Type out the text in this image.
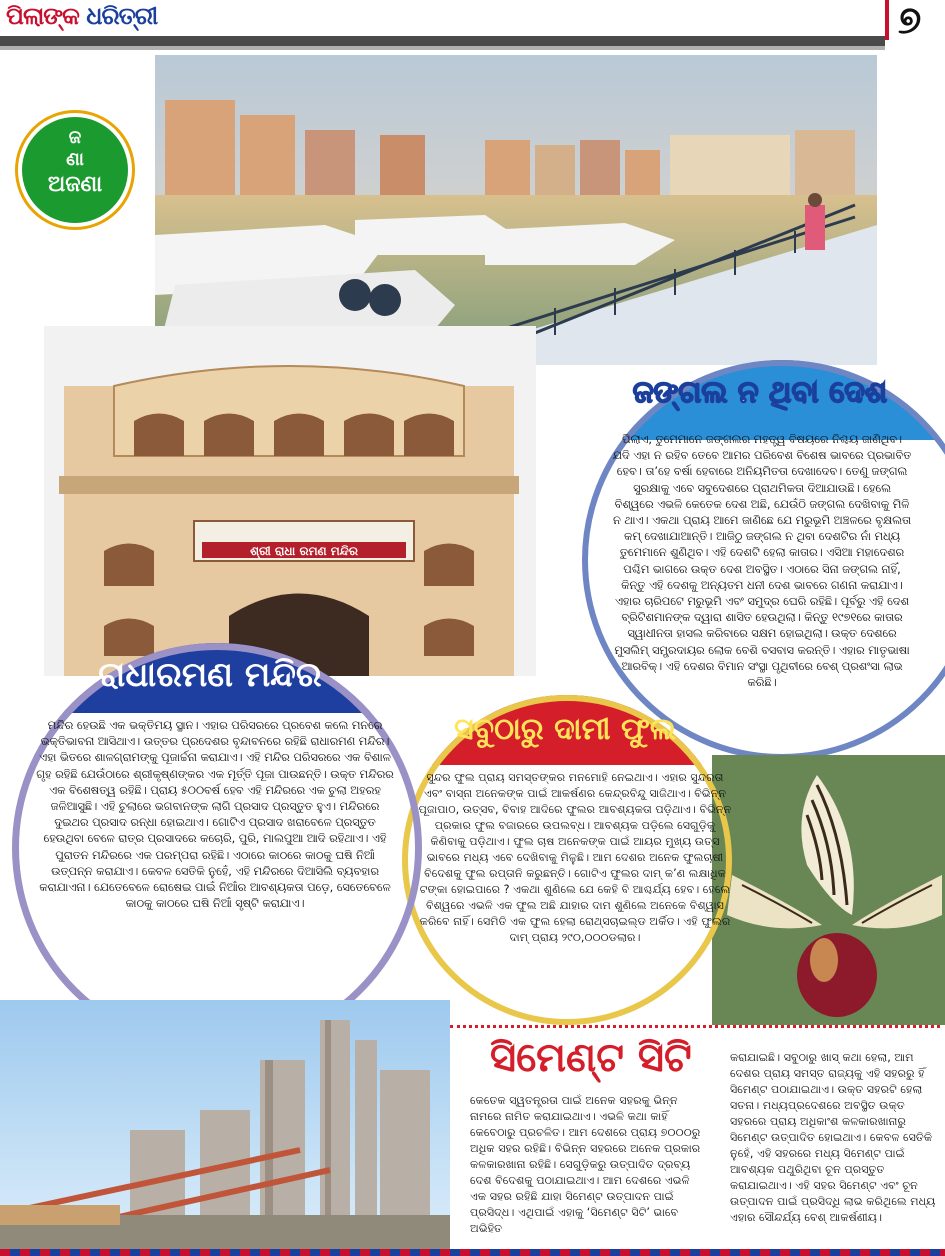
ପିଲାଙ୍କ ଧରିତ୍ରୀ	୭
ଜ
ଣା
ଅଜଣା
ଶ୍ରୀ ରାଧା ରମଣ ମନ୍ଦିର
ଜଙ୍ଗଲ ନ ଥିବା ଦେଶ
ପିଲାଏ, ତୁମେମାନେ ଜଙ୍ଗଲର ମହତ୍ତ୍ୱ ବିଷୟରେ ନିଶ୍ଚୟ ଜାଣିଥିବ। ଯଦି ଏହା ନ ରହିବ ତେବେ ଆମର ପରିବେଶ ବିଶେଷ ଭାବରେ ପ୍ରଭାବିତ ହେବ। ତା’ହେ ବର୍ଷା ହେବାରେ ଅନିୟମିତତା ଦେଖାଦେବ। ତେଣୁ ଜଙ୍ଗଲ ସୁରକ୍ଷାକୁ ଏବେ ସବୁଦେଶରେ ପ୍ରାଥମିକତା ଦିଆଯାଉଛି। ହେଲେ ବିଶ୍ୱରେ ଏଭଳି କେତେକ ଦେଶ ଅଛି, ଯେଉଁଠି ଜଙ୍ଗଲ ଦେଖିବାକୁ ମିଳି ନ ଥାଏ। ଏକଥା ପ୍ରାୟ ଆମେ ଜାଣିଛେ ଯେ ମରୁଭୂମି ଅଞ୍ଚଳରେ ବୃକ୍ଷଲତା କମ୍ ଦେଖାଯାଆନ୍ତି। ଆଜିଠୁ ଜଙ୍ଗଲ ନ ଥିବା ଦେଶଟିର ନାଁ ମଧ୍ୟ ତୁମେମାନେ ଶୁଣିଥିବ। ଏହି ଦେଶଟି ହେଲା କାତାର। ଏସିଆ ମହାଦେଶର ପଶ୍ଚିମ ଭାଗରେ ଉକ୍ତ ଦେଶ ଅବସ୍ଥିତ। ଏଠାରେ ସିନା ଜଙ୍ଗଲ ନାହିଁ, କିନ୍ତୁ ଏହି ଦେଶକୁ ଅନ୍ୟତମ ଧନୀ ଦେଶ ଭାବରେ ଗଣନା କରାଯାଏ। ଏହାର ଚାରିପଟେ ମରୁଭୂମି ଏବଂ ସମୁଦ୍ର ଘେରି ରହିଛି। ପୂର୍ବରୁ ଏହି ଦେଶ ବ୍ରିଟିଶମାନଙ୍କ ଦ୍ୱାରା ଶାସିତ ହେଉଥିଲା। କିନ୍ତୁ ୧୯୭୧ରେ କାତାର ସ୍ୱାଧୀନତା ହାସଲ କରିବାରେ ସକ୍ଷମ ହୋଇଥିଲା। ଉକ୍ତ ଦେଶରେ ମୁସଲିମ୍ ସମ୍ପ୍ରଦାୟର ଲୋକ ବେଶି ବସବାସ କରନ୍ତି। ଏହାର ମାତୃଭାଷା ଆରବିକ୍। ଏହି ଦେଶର ବିମାନ ସଂସ୍ଥା ପୃଥିବୀରେ ବେଶ୍ ପ୍ରଶଂସା ଲାଭ କରିଛି।
ସବୁଠାରୁ ଦାମୀ ଫୁଲ
ସୁନ୍ଦର ଫୁଲ ପ୍ରାୟ ସମସ୍ତଙ୍କର ମନମୋହି ନେଇଥାଏ। ଏହାର ସୁନ୍ଦରତା ଏବଂ ବାସ୍ନା ଅନେକଙ୍କ ପାଇଁ ଆକର୍ଷଣର କେନ୍ଦ୍ରବିନ୍ଦୁ ସାଜିଥାଏ। ବିଭିନ୍ନ ପୂଜାପାଠ, ଉତ୍ସବ, ବିବାହ ଆଦିରେ ଫୁଲର ଆବଶ୍ୟକତା ପଡ଼ିଥାଏ। ବିଭିନ୍ନ ପ୍ରକାର ଫୁଲ ବଜାରରେ ଉପଲବ୍ଧ। ଆବଶ୍ୟକ ପଡ଼ିଲେ ସେଗୁଡ଼ିକୁ କିଣିବାକୁ ପଡ଼ିଥାଏ। ଫୁଲ ଚାଷ ଅନେକଙ୍କ ପାଇଁ ଆୟର ମୁଖ୍ୟ ଉତ୍ସ ଭାବରେ ମଧ୍ୟ ଏବେ ଦେଖିବାକୁ ମିଳୁଛି। ଆମ ଦେଶର ଅନେକ ଫୁଲଚାଷୀ ବିଦେଶକୁ ଫୁଲ ରପ୍ତାନି କରୁଛନ୍ତି। ଗୋଟିଏ ଫୁଲର ଦାମ୍ କ’ଣ ଲକ୍ଷାଧିକ ଟଙ୍କା ହୋଇପାରେ ? ଏକଥା ଶୁଣିଲେ ଯେ କେହି ବି ଆଶ୍ଚର୍ଯ୍ୟ ହେବ। ହେଲେ ବିଶ୍ୱରେ ଏଭଳି ଏକ ଫୁଲ ଅଛି ଯାହାର ଦାମ ଶୁଣିଲେ ଅନେକେ ବିଶ୍ୱାସ କରିବେ ନାହିଁ। ସେମିତି ଏକ ଫୁଲ ହେଲା ରୋଥ୍ସଚାଇଲ୍ଡ ଅର୍କିଡ। ଏହି ଫୁଲର ଦାମ୍ ପ୍ରାୟ ୨୯୦,୦୦୦ଡଲାର।
ରାଧାରମଣ ମନ୍ଦିର
ମନ୍ଦିର ହେଉଛି ଏକ ଭକ୍ତିମୟ ସ୍ଥାନ। ଏହାର ପରିସରରେ ପ୍ରବେଶ କଲେ ମନରେ ଭକ୍ତିଭାବନା ଆସିଥାଏ। ଉତ୍ତର ପ୍ରଦେଶର ବୃନ୍ଦାବନରେ ରହିଛି ରାଧାରମଣ ମନ୍ଦିର। ଏହା ଭିତରେ ଶାଳଗ୍ରାମଙ୍କୁ ପୂଜାର୍ଚ୍ଚନା କରାଯାଏ। ଏହି ମନ୍ଦିର ପରିସରରେ ଏକ ବିଶାଳ ଗୃହ ରହିଛି ଯେଉଁଠାରେ ଶ୍ରୀକୃଷ୍ଣଙ୍କର ଏକ ମୂର୍ତ୍ତି ପୂଜା ପାଉଛନ୍ତି। ଉକ୍ତ ମନ୍ଦିରର ଏକ ବିଶେଷତ୍ୱ ରହିଛି। ପ୍ରାୟ ୫୦୦ବର୍ଷ ହେବ ଏହି ମନ୍ଦିରରେ ଏକ ଚୁଲା ଅହରହ ଜଳିଆସୁଛି। ଏହି ଚୁଲାରେ ଭଗବାନଙ୍କ ଲାଗି ପ୍ରସାଦ ପ୍ରସ୍ତୁତ ହୁଏ। ମନ୍ଦିରରେ ଦୁଇଥର ପ୍ରସାଦ ରନ୍ଧା ହୋଇଥାଏ। ଗୋଟିଏ ପ୍ରସାଦ ଖରାବେଳେ ପ୍ରସ୍ତୁତ ହେଉଥିବା ବେଳେ ରାତ୍ର ପ୍ରସାଦରେ କଚୋରି, ପୁରି, ମାଲପୁଆ ଆଦି ରହିଥାଏ। ଏହି ପୁରାତନ ମନ୍ଦିରରେ ଏକ ପରମ୍ପରା ରହିଛି। ଏଠାରେ କାଠରେ କାଠକୁ ଘଷି ନିଆଁ ଉତ୍ପନ୍ନ କରାଯାଏ। କେବଳ ସେତିକି ନୁହେଁ, ଏହି ମନ୍ଦିରରେ ଦିଆସିଲି ବ୍ୟବହାର କରାଯାଏନା। ଯେତେବେଳେ ରୋଷେଇ ପାଇଁ ନିଆଁର ଆବଶ୍ୟକତା ପଡ଼େ, ସେତେବେଳେ କାଠକୁ କାଠରେ ଘଷି ନିଆଁ ସୃଷ୍ଟି କରାଯାଏ।
ସିମେଣ୍ଟ ସିଟି
କେତେକ ସ୍ୱତନ୍ତ୍ରତା ପାଇଁ ଅନେକ ସହରକୁ ଭିନ୍ନ ନାମରେ ନାମିତ କରାଯାଇଥାଏ। ଏଭଳି କଥା କାହିଁ କେବେଠାରୁ ପ୍ରଚଳିତ। ଆମ ଦେଶରେ ପ୍ରାୟ ୭୦୦୦ରୁ ଅଧିକ ସହର ରହିଛି। ବିଭିନ୍ନ ସହରରେ ଅନେକ ପ୍ରକାର କଳକାରଖାନା ରହିଛି। ସେଗୁଡ଼ିକରୁ ଉତ୍ପାଦିତ ଦ୍ରବ୍ୟ ଦେଶ ବିଦେଶକୁ ପଠାଯାଇଥାଏ। ଆମ ଦେଶରେ ଏଭଳି ଏକ ସହର ରହିଛି ଯାହା ସିମେଣ୍ଟ ଉତ୍ପାଦନ ପାଇଁ ପ୍ରସିଦ୍ଧ। ଏଥିପାଇଁ ଏହାକୁ ‘ସିମେଣ୍ଟ ସିଟି’ ଭାବେ ଅଭିହିତ
କରାଯାଇଛି। ସବୁଠାରୁ ଖାସ୍ କଥା ହେଲା, ଆମ ଦେଶର ପ୍ରାୟ ସମସ୍ତ ରାଜ୍ୟକୁ ଏହି ସହରରୁ ହିଁ ସିମେଣ୍ଟ ପଠାଯାଇଥାଏ। ଉକ୍ତ ସହରଟି ହେଲା ସତନା। ମଧ୍ୟପ୍ରଦେଶରେ ଅବସ୍ଥିତ ଉକ୍ତ ସହରରେ ପ୍ରାୟ ଅଧିକାଂଶ କଳକାରଖାନାରୁ ସିମେଣ୍ଟ ଉତ୍ପାଦିତ ହୋଇଥାଏ। କେବଳ ସେତିକି ନୁହେଁ, ଏହି ସହରରେ ମଧ୍ୟ ସିମେଣ୍ଟ ପାଇଁ ଆବଶ୍ୟକ ପଥୁରିଥିବା ଚୂନ ପ୍ରସ୍ତୁତ କରାଯାଇଥାଏ। ଏହି ସହର ସିମେଣ୍ଟ ଏବଂ ଚୂନ ଉତ୍ପାଦନ ପାଇଁ ପ୍ରସିଦ୍ଧି ଲାଭ କରିଥିଲେ ମଧ୍ୟ ଏହାର ସୌନ୍ଦର୍ଯ୍ୟ ବେଶ୍ ଆକର୍ଷଣୀୟ।
